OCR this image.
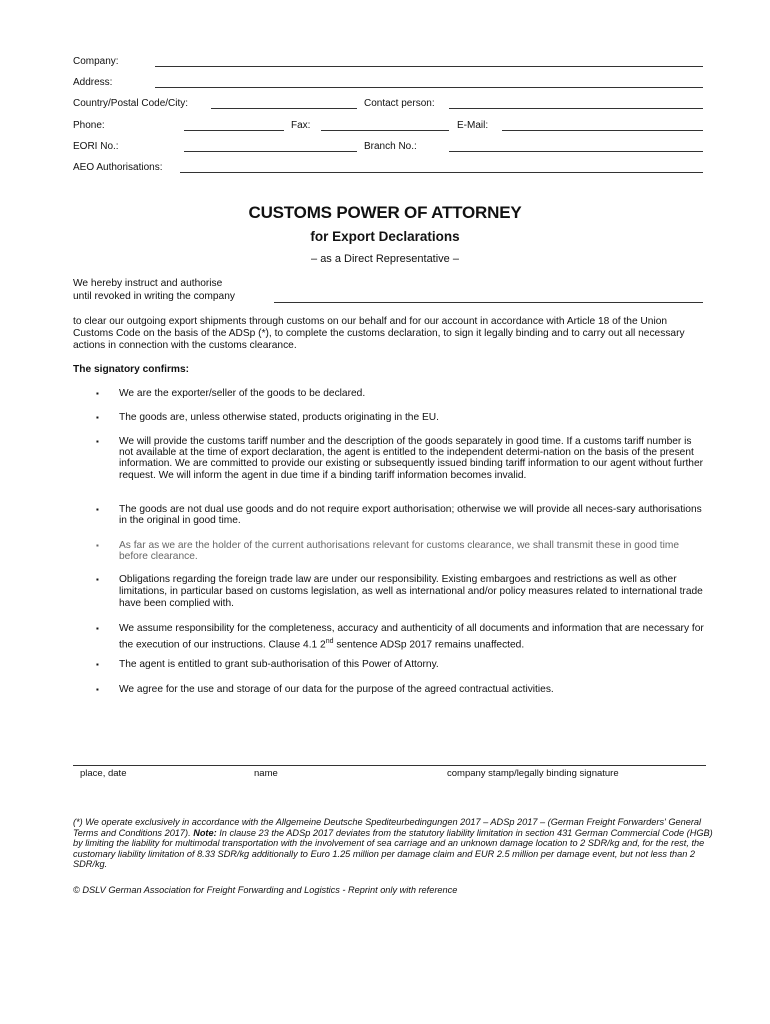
Company:
Address:
Country/Postal Code/City:	Contact person:
Phone:	Fax:	E-Mail:
EORI No.:	Branch No.:
AEO Authorisations:
CUSTOMS POWER OF ATTORNEY
for Export Declarations
– as a Direct Representative –
We hereby instruct and authorise
until revoked in writing the company
to clear our outgoing export shipments through customs on our behalf and for our account in accordance with Article 18 of the Union Customs Code on the basis of the ADSp (*), to complete the customs declaration, to sign it legally binding and to carry out all necessary actions in connection with the customs clearance.
The signatory confirms:
▪ We are the exporter/seller of the goods to be declared.
▪ The goods are, unless otherwise stated, products originating in the EU.
▪ We will provide the customs tariff number and the description of the goods separately in good time. If a customs tariff number is not available at the time of export declaration, the agent is entitled to the independent determi-nation on the basis of the present information. We are committed to provide our existing or subsequently issued binding tariff information to our agent without further request. We will inform the agent in due time if a binding tariff information becomes invalid.
▪ The goods are not dual use goods and do not require export authorisation; otherwise we will provide all neces-sary authorisations in the original in good time.
▪ As far as we are the holder of the current authorisations relevant for customs clearance, we shall transmit these in good time before clearance.
▪ Obligations regarding the foreign trade law are under our responsibility. Existing embargoes and restrictions as well as other limitations, in particular based on customs legislation, as well as international and/or policy measures related to international trade have been complied with.
▪ We assume responsibility for the completeness, accuracy and authenticity of all documents and information that are necessary for the execution of our instructions. Clause 4.1 2nd sentence ADSp 2017 remains unaffected.
▪ The agent is entitled to grant sub-authorisation of this Power of Attorny.
▪ We agree for the use and storage of our data for the purpose of the agreed contractual activities.
place, date	name	company stamp/legally binding signature
(*) We operate exclusively in accordance with the Allgemeine Deutsche Spediteurbedingungen 2017 – ADSp 2017 – (German Freight Forwarders' General Terms and Conditions 2017). Note: In clause 23 the ADSp 2017 deviates from the statutory liability limitation in section 431 German Commercial Code (HGB) by limiting the liability for multimodal transportation with the involvement of sea carriage and an unknown damage location to 2 SDR/kg and, for the rest, the customary liability limitation of 8.33 SDR/kg additionally to Euro 1.25 million per damage claim and EUR 2.5 million per damage event, but not less than 2 SDR/kg.
© DSLV German Association for Freight Forwarding and Logistics - Reprint only with reference
